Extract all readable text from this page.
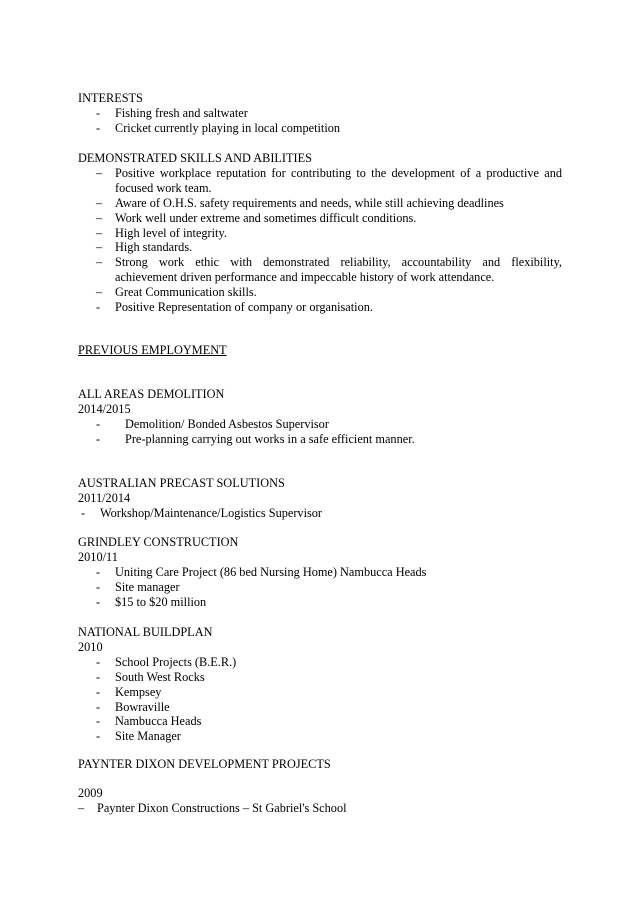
INTERESTS
- Fishing fresh and saltwater
- Cricket currently playing in local competition
DEMONSTRATED SKILLS AND ABILITIES
– Positive workplace reputation for contributing to the development of a productive and
focused work team.
– Aware of O.H.S. safety requirements and needs, while still achieving deadlines
– Work well under extreme and sometimes difficult conditions.
– High level of integrity.
– High standards.
– Strong work ethic with demonstrated reliability, accountability and flexibility,
achievement driven performance and impeccable history of work attendance.
– Great Communication skills.
- Positive Representation of company or organisation.
PREVIOUS EMPLOYMENT
ALL AREAS DEMOLITION
2014/2015
- Demolition/ Bonded Asbestos Supervisor
- Pre-planning carrying out works in a safe efficient manner.
AUSTRALIAN PRECAST SOLUTIONS
2011/2014
- Workshop/Maintenance/Logistics Supervisor
GRINDLEY CONSTRUCTION
2010/11
- Uniting Care Project (86 bed Nursing Home) Nambucca Heads
- Site manager
- $15 to $20 million
NATIONAL BUILDPLAN
2010
- School Projects (B.E.R.)
- South West Rocks
- Kempsey
- Bowraville
- Nambucca Heads
- Site Manager
PAYNTER DIXON DEVELOPMENT PROJECTS
2009
– Paynter Dixon Constructions – St Gabriel's School
